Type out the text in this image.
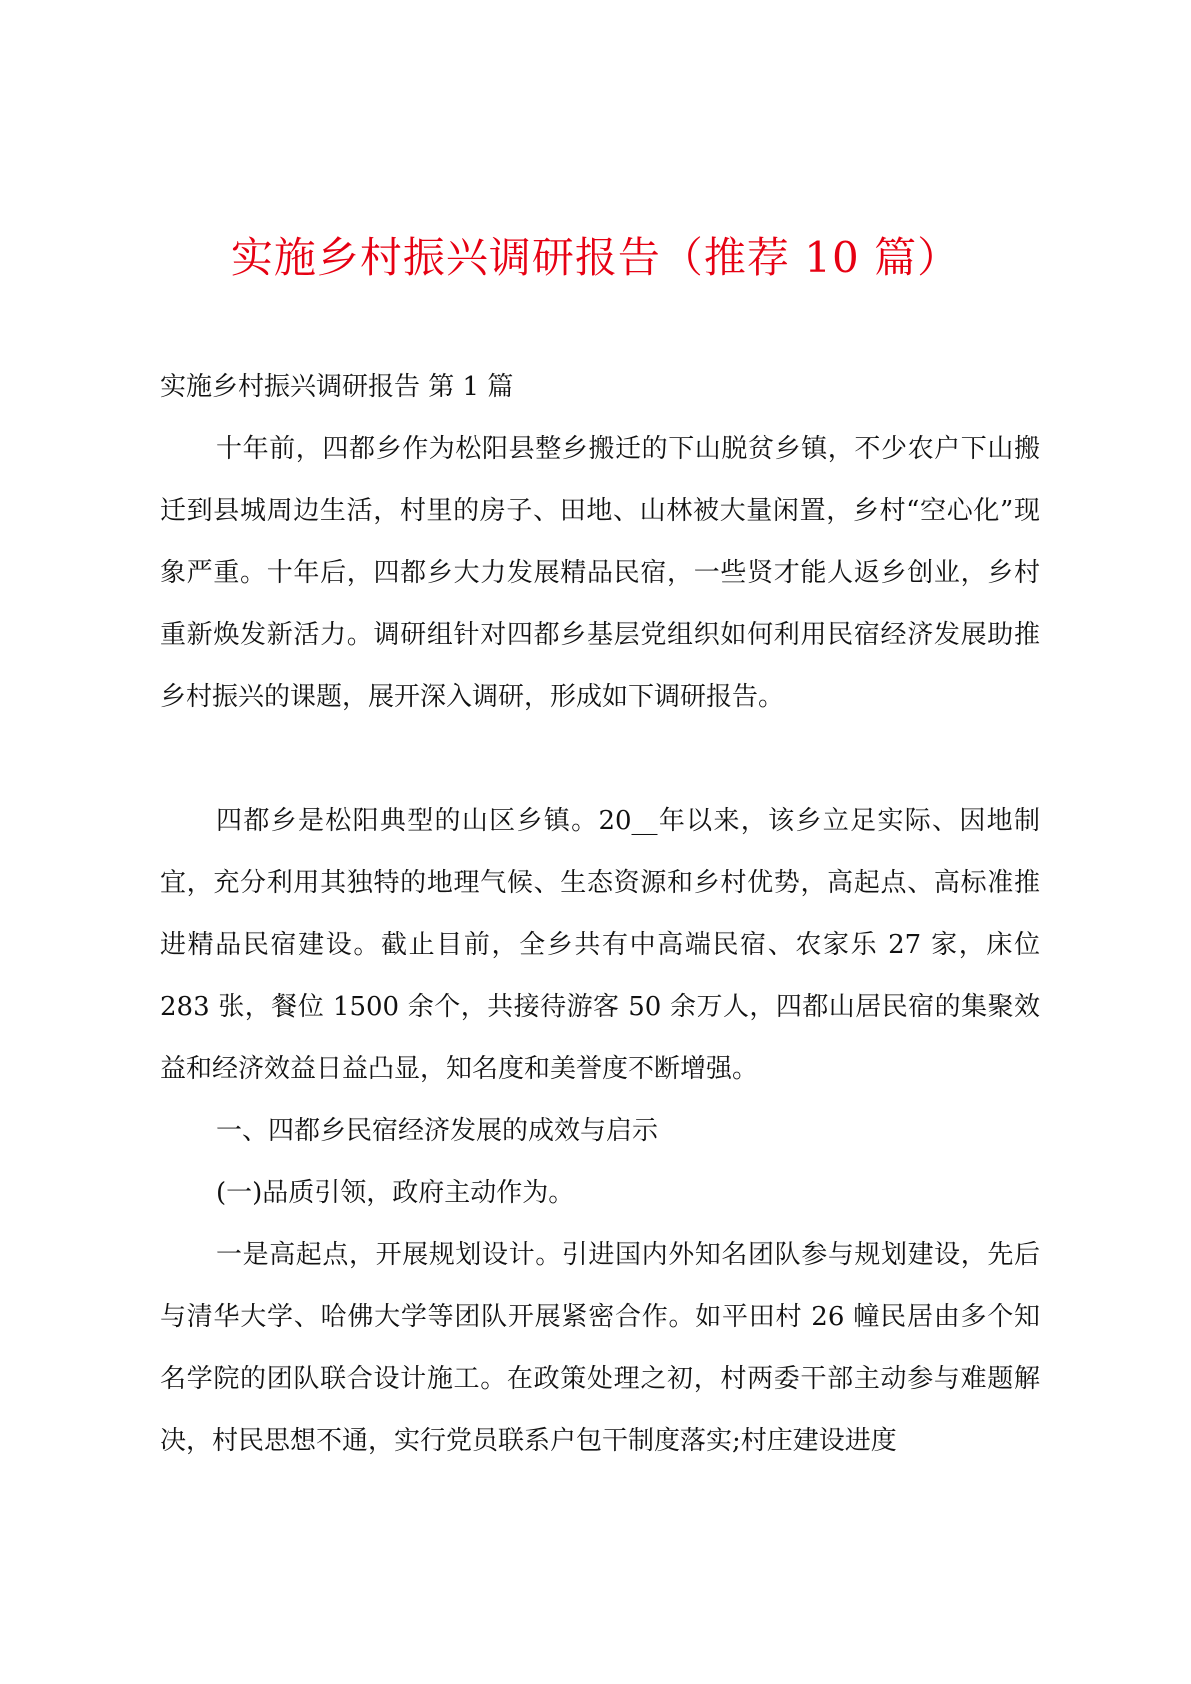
实施乡村振兴调研报告（推荐 10 篇）

实施乡村振兴调研报告 第 1 篇

十年前，四都乡作为松阳县整乡搬迁的下山脱贫乡镇，不少农户下山搬迁到县城周边生活，村里的房子、田地、山林被大量闲置，乡村“空心化”现象严重。十年后，四都乡大力发展精品民宿，一些贤才能人返乡创业，乡村重新焕发新活力。调研组针对四都乡基层党组织如何利用民宿经济发展助推乡村振兴的课题，展开深入调研，形成如下调研报告。

四都乡是松阳典型的山区乡镇。20__年以来，该乡立足实际、因地制宜，充分利用其独特的地理气候、生态资源和乡村优势，高起点、高标准推进精品民宿建设。截止目前，全乡共有中高端民宿、农家乐 27 家，床位 283 张，餐位 1500 余个，共接待游客 50 余万人，四都山居民宿的集聚效益和经济效益日益凸显，知名度和美誉度不断增强。

一、四都乡民宿经济发展的成效与启示

(一)品质引领，政府主动作为。

一是高起点，开展规划设计。引进国内外知名团队参与规划建设，先后与清华大学、哈佛大学等团队开展紧密合作。如平田村 26 幢民居由多个知名学院的团队联合设计施工。在政策处理之初，村两委干部主动参与难题解决，村民思想不通，实行党员联系户包干制度落实;村庄建设进度
